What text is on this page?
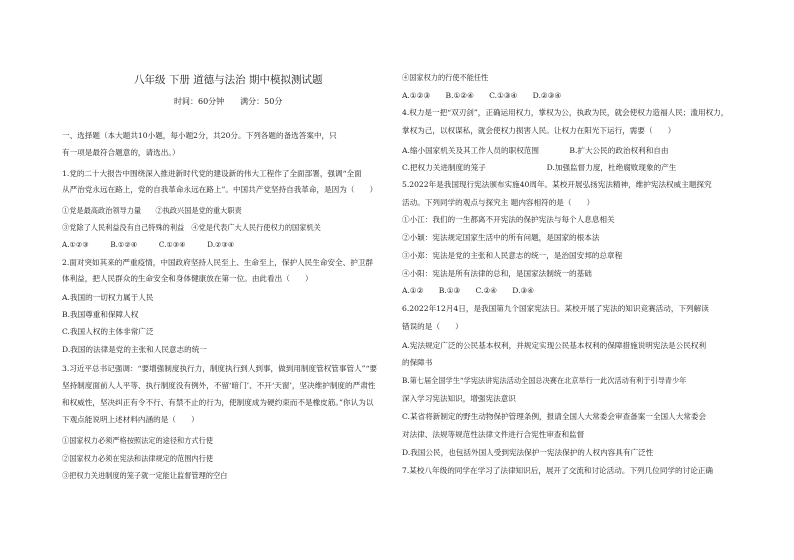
八年级 下册 道德与法治 期中模拟测试题
时间：60分钟　　满分：50分
一、选择题（本大题共10小题，每小题2分，共20分。下列各题的备选答案中，只
有一项是最符合题意的，请选出。）
1.党的二十大报告中围绕深入推进新时代党的建设新的伟大工程作了全面部署，强调“全面
从严治党永远在路上，党的自我革命永远在路上”。中国共产党坚持自我革命，是因为（　　）
①党是最高政治领导力量　　②执政兴国是党的重大职责
③党除了人民利益没有自己特殊的利益　④党是代表广大人民行使权力的国家机关
A.①②③　　　B.①②④　　　C.①③④　　　D.②③④
2.面对突如其来的严重疫情，中国政府坚持人民至上、生命至上，保护人民生命安全、护卫群
体利益，把人民群众的生命安全和身体健康放在第一位。由此看出（　　）
A.我国的一切权力属于人民
B.我国尊重和保障人权
C.我国人权的主体非常广泛
D.我国的法律是党的主张和人民意志的统一
3.习近平总书记强调：“要增强制度执行力，制度执行到人到事，做到用制度管权管事管人”“要
坚持制度面前人人平等、执行制度没有例外，不留‘暗门’、不开‘天窗’，坚决维护制度的严肃性
和权威性，坚决纠正有令不行、有禁不止的行为，使制度成为硬约束而不是橡皮筋。”你认为以
下观点能说明上述材料内涵的是（　　）
①国家权力必须严格按照法定的途径和方式行使
②国家权力必须在宪法和法律规定的范围内行使
③把权力关进制度的笼子就一定能让监督管理的空白
④国家权力的行使不能任性
A.①②③　　B.①②④　　C.①③④　　D.②③④
4.权力是一把“双刃剑”，正确运用权力，掌权为公，执政为民，就会使权力造福人民；滥用权力，
掌权为己，以权谋私，就会使权力损害人民。让权力在阳光下运行，需要（　　）
A.缩小国家机关及其工作人员的职权范围　　　　B.扩大公民的政治权利和自由
C.把权力关进制度的笼子　　　　　　　　D.加强监督力度，杜绝腐败现象的产生
5.2022年是我国现行宪法颁布实施40周年。某校开展弘扬宪法精神，维护宪法权威主题探究
活动。下列同学的观点与探究主 题内容相符的是（　　）
①小江：我们的一生都离不开宪法的保护宪法与每个人息息相关
②小颖：宪法规定国家生活中的所有问题，是国家的根本法
③小郑：宪法是党的主张和人民意志的统一，是治国安邦的总章程
④小阳：宪法是所有法律的总和，是国家法制统一的基础
A.①②　　B.①③　　C.②④　　D.③④
6.2022年12月4日，是我国第九个国家宪法日。某校开展了宪法的知识竞赛活动，下列解读
错误的是（　　）
A.宪法规定广泛的公民基本权利，并规定实现公民基本权利的保障措施说明宪法是公民权利
的保障书
B.第七届全国学生“学宪法讲宪法活动全国总决赛在北京举行一此次活动有利于引导青少年
深入学习宪法知识，增强宪法意识
C.某省将新制定的野生动物保护管理条例，报请全国人大常委会审查备案一全国人大常委会
对法律、法规等规范性法律文件进行合宪性审查和监督
D.我国公民，也包括外国人受到宪法保护一宪法保护的人权内容具有广泛性
7.某校八年级的同学在学习了法律知识后，展开了交流和讨论活动。下列几位同学的讨论正确
